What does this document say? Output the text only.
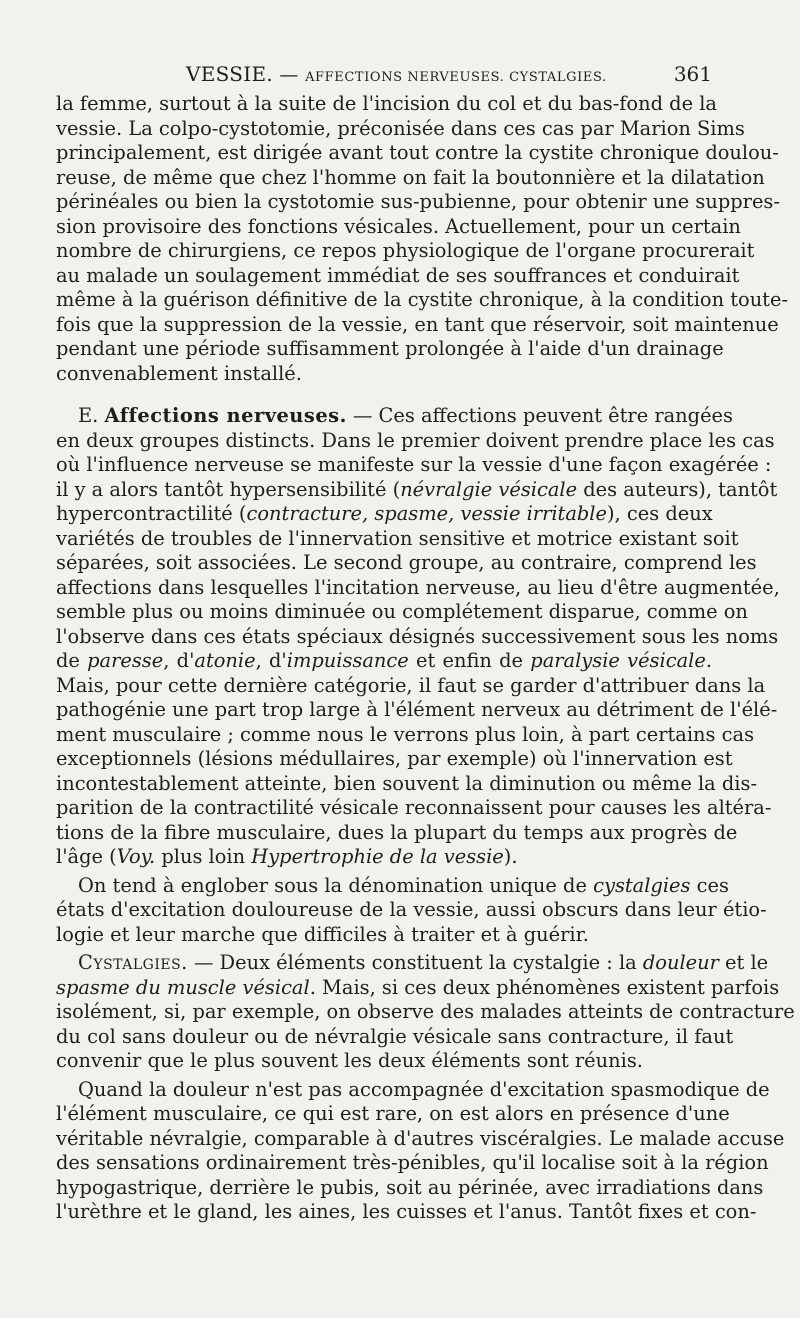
VESSIE. — AFFECTIONS NERVEUSES. CYSTALGIES.	361
la femme, surtout à la suite de l'incision du col et du bas-fond de la
vessie. La colpo-cystotomie, préconisée dans ces cas par Marion Sims
principalement, est dirigée avant tout contre la cystite chronique doulou-
reuse, de même que chez l'homme on fait la boutonnière et la dilatation
périnéales ou bien la cystotomie sus-pubienne, pour obtenir une suppres-
sion provisoire des fonctions vésicales. Actuellement, pour un certain
nombre de chirurgiens, ce repos physiologique de l'organe procurerait
au malade un soulagement immédiat de ses souffrances et conduirait
même à la guérison définitive de la cystite chronique, à la condition toute-
fois que la suppression de la vessie, en tant que réservoir, soit maintenue
pendant une période suffisamment prolongée à l'aide d'un drainage
convenablement installé.
E. Affections nerveuses. — Ces affections peuvent être rangées
en deux groupes distincts. Dans le premier doivent prendre place les cas
où l'influence nerveuse se manifeste sur la vessie d'une façon exagérée :
il y a alors tantôt hypersensibilité (névralgie vésicale des auteurs), tantôt
hypercontractilité (contracture, spasme, vessie irritable), ces deux
variétés de troubles de l'innervation sensitive et motrice existant soit
séparées, soit associées. Le second groupe, au contraire, comprend les
affections dans lesquelles l'incitation nerveuse, au lieu d'être augmentée,
semble plus ou moins diminuée ou complétement disparue, comme on
l'observe dans ces états spéciaux désignés successivement sous les noms
de paresse, d'atonie, d'impuissance et enfin de paralysie vésicale.
Mais, pour cette dernière catégorie, il faut se garder d'attribuer dans la
pathogénie une part trop large à l'élément nerveux au détriment de l'élé-
ment musculaire ; comme nous le verrons plus loin, à part certains cas
exceptionnels (lésions médullaires, par exemple) où l'innervation est
incontestablement atteinte, bien souvent la diminution ou même la dis-
parition de la contractilité vésicale reconnaissent pour causes les altéra-
tions de la fibre musculaire, dues la plupart du temps aux progrès de
l'âge (Voy. plus loin Hypertrophie de la vessie).
On tend à englober sous la dénomination unique de cystalgies ces
états d'excitation douloureuse de la vessie, aussi obscurs dans leur étio-
logie et leur marche que difficiles à traiter et à guérir.
Cystalgies. — Deux éléments constituent la cystalgie : la douleur et le
spasme du muscle vésical. Mais, si ces deux phénomènes existent parfois
isolément, si, par exemple, on observe des malades atteints de contracture
du col sans douleur ou de névralgie vésicale sans contracture, il faut
convenir que le plus souvent les deux éléments sont réunis.
Quand la douleur n'est pas accompagnée d'excitation spasmodique de
l'élément musculaire, ce qui est rare, on est alors en présence d'une
véritable névralgie, comparable à d'autres viscéralgies. Le malade accuse
des sensations ordinairement très-pénibles, qu'il localise soit à la région
hypogastrique, derrière le pubis, soit au périnée, avec irradiations dans
l'urèthre et le gland, les aines, les cuisses et l'anus. Tantôt fixes et con-
